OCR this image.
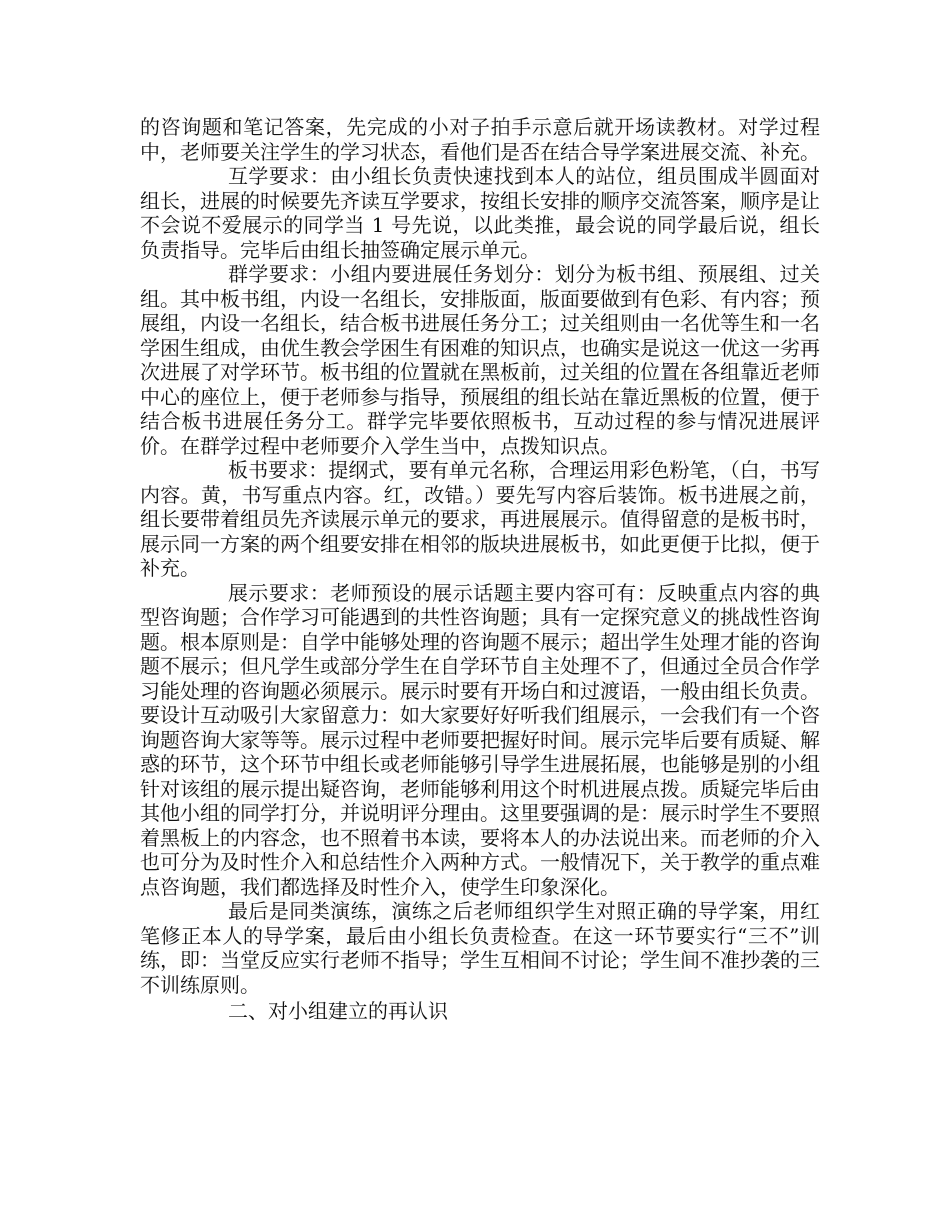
的咨询题和笔记答案，先完成的小对子拍手示意后就开场读教材。对学过程中，老师要关注学生的学习状态，看他们是否在结合导学案进展交流、补充。

互学要求：由小组长负责快速找到本人的站位，组员围成半圆面对组长，进展的时候要先齐读互学要求，按组长安排的顺序交流答案，顺序是让不会说不爱展示的同学当 1 号先说，以此类推，最会说的同学最后说，组长负责指导。完毕后由组长抽签确定展示单元。

群学要求：小组内要进展任务划分：划分为板书组、预展组、过关组。其中板书组，内设一名组长，安排版面，版面要做到有色彩、有内容；预展组，内设一名组长，结合板书进展任务分工；过关组则由一名优等生和一名学困生组成，由优生教会学困生有困难的知识点，也确实是说这一优这一劣再次进展了对学环节。板书组的位置就在黑板前，过关组的位置在各组靠近老师中心的座位上，便于老师参与指导，预展组的组长站在靠近黑板的位置，便于结合板书进展任务分工。群学完毕要依照板书，互动过程的参与情况进展评价。在群学过程中老师要介入学生当中，点拨知识点。

板书要求：提纲式，要有单元名称，合理运用彩色粉笔，（白，书写内容。黄，书写重点内容。红，改错。）要先写内容后装饰。板书进展之前，组长要带着组员先齐读展示单元的要求，再进展展示。值得留意的是板书时，展示同一方案的两个组要安排在相邻的版块进展板书，如此更便于比拟，便于补充。

展示要求：老师预设的展示话题主要内容可有：反映重点内容的典型咨询题；合作学习可能遇到的共性咨询题；具有一定探究意义的挑战性咨询题。根本原则是：自学中能够处理的咨询题不展示；超出学生处理才能的咨询题不展示；但凡学生或部分学生在自学环节自主处理不了，但通过全员合作学习能处理的咨询题必须展示。展示时要有开场白和过渡语，一般由组长负责。要设计互动吸引大家留意力：如大家要好好听我们组展示，一会我们有一个咨询题咨询大家等等。展示过程中老师要把握好时间。展示完毕后要有质疑、解惑的环节，这个环节中组长或老师能够引导学生进展拓展，也能够是别的小组针对该组的展示提出疑咨询，老师能够利用这个时机进展点拨。质疑完毕后由其他小组的同学打分，并说明评分理由。这里要强调的是：展示时学生不要照着黑板上的内容念，也不照着书本读，要将本人的办法说出来。而老师的介入也可分为及时性介入和总结性介入两种方式。一般情况下，关于教学的重点难点咨询题，我们都选择及时性介入，使学生印象深化。

最后是同类演练，演练之后老师组织学生对照正确的导学案，用红笔修正本人的导学案，最后由小组长负责检查。在这一环节要实行“三不”训练，即：当堂反应实行老师不指导；学生互相间不讨论；学生间不准抄袭的三不训练原则。

二、对小组建立的再认识
